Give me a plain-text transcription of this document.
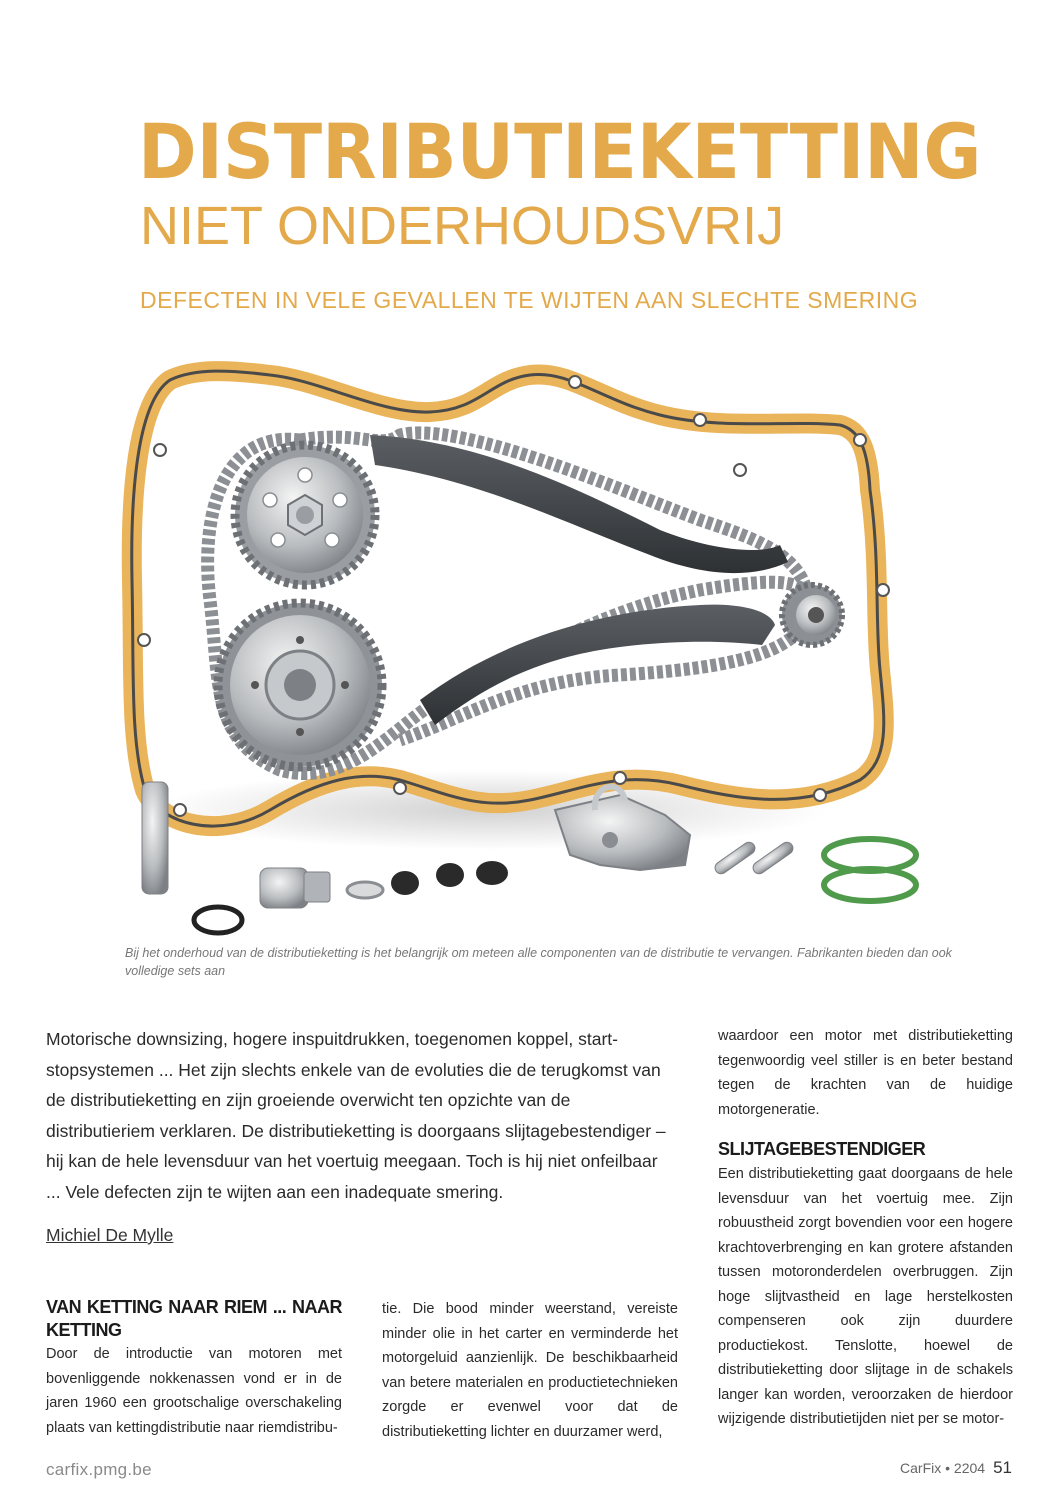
DISTRIBUTIEKETTING
NIET ONDERHOUDSVRIJ
DEFECTEN IN VELE GEVALLEN TE WIJTEN AAN SLECHTE SMERING
Bij het onderhoud van de distributieketting is het belangrijk om meteen alle componenten van de distributie te vervangen. Fabrikanten bieden dan ook volledige sets aan

Motorische downsizing, hogere inspuitdrukken, toegenomen koppel, start-stopsystemen ... Het zijn slechts enkele van de evoluties die de terugkomst van de distributieketting en zijn groeiende overwicht ten opzichte van de distributieriem verklaren. De distributieketting is doorgaans slijtagebestendiger – hij kan de hele levensduur van het voertuig meegaan. Toch is hij niet onfeilbaar ... Vele defecten zijn te wijten aan een inadequate smering.

Michiel De Mylle
VAN KETTING NAAR RIEM ... NAAR KETTING

Door de introductie van motoren met bovenliggende nokkenassen vond er in de jaren 1960 een grootschalige overschakeling plaats van kettingdistributie naar riemdistribu-

tie. Die bood minder weerstand, vereiste minder olie in het carter en verminderde het motorgeluid aanzienlijk. De beschikbaarheid van betere materialen en productietechnieken zorgde er evenwel voor dat de distributieketting lichter en duurzamer werd,

waardoor een motor met distributieketting tegenwoordig veel stiller is en beter bestand tegen de krachten van de huidige motorgeneratie.

SLIJTAGEBESTENDIGER

Een distributieketting gaat doorgaans de hele levensduur van het voertuig mee. Zijn robuustheid zorgt bovendien voor een hogere krachtoverbrenging en kan grotere afstanden tussen motoronderdelen overbruggen. Zijn hoge slijtvastheid en lage herstelkosten compenseren ook zijn duurdere productiekost. Tenslotte, hoewel de distributieketting door slijtage in de schakels langer kan worden, veroorzaken de hierdoor wijzigende distributietijden niet per se motor-

carfix.pmg.be	CarFix • 2204 51
